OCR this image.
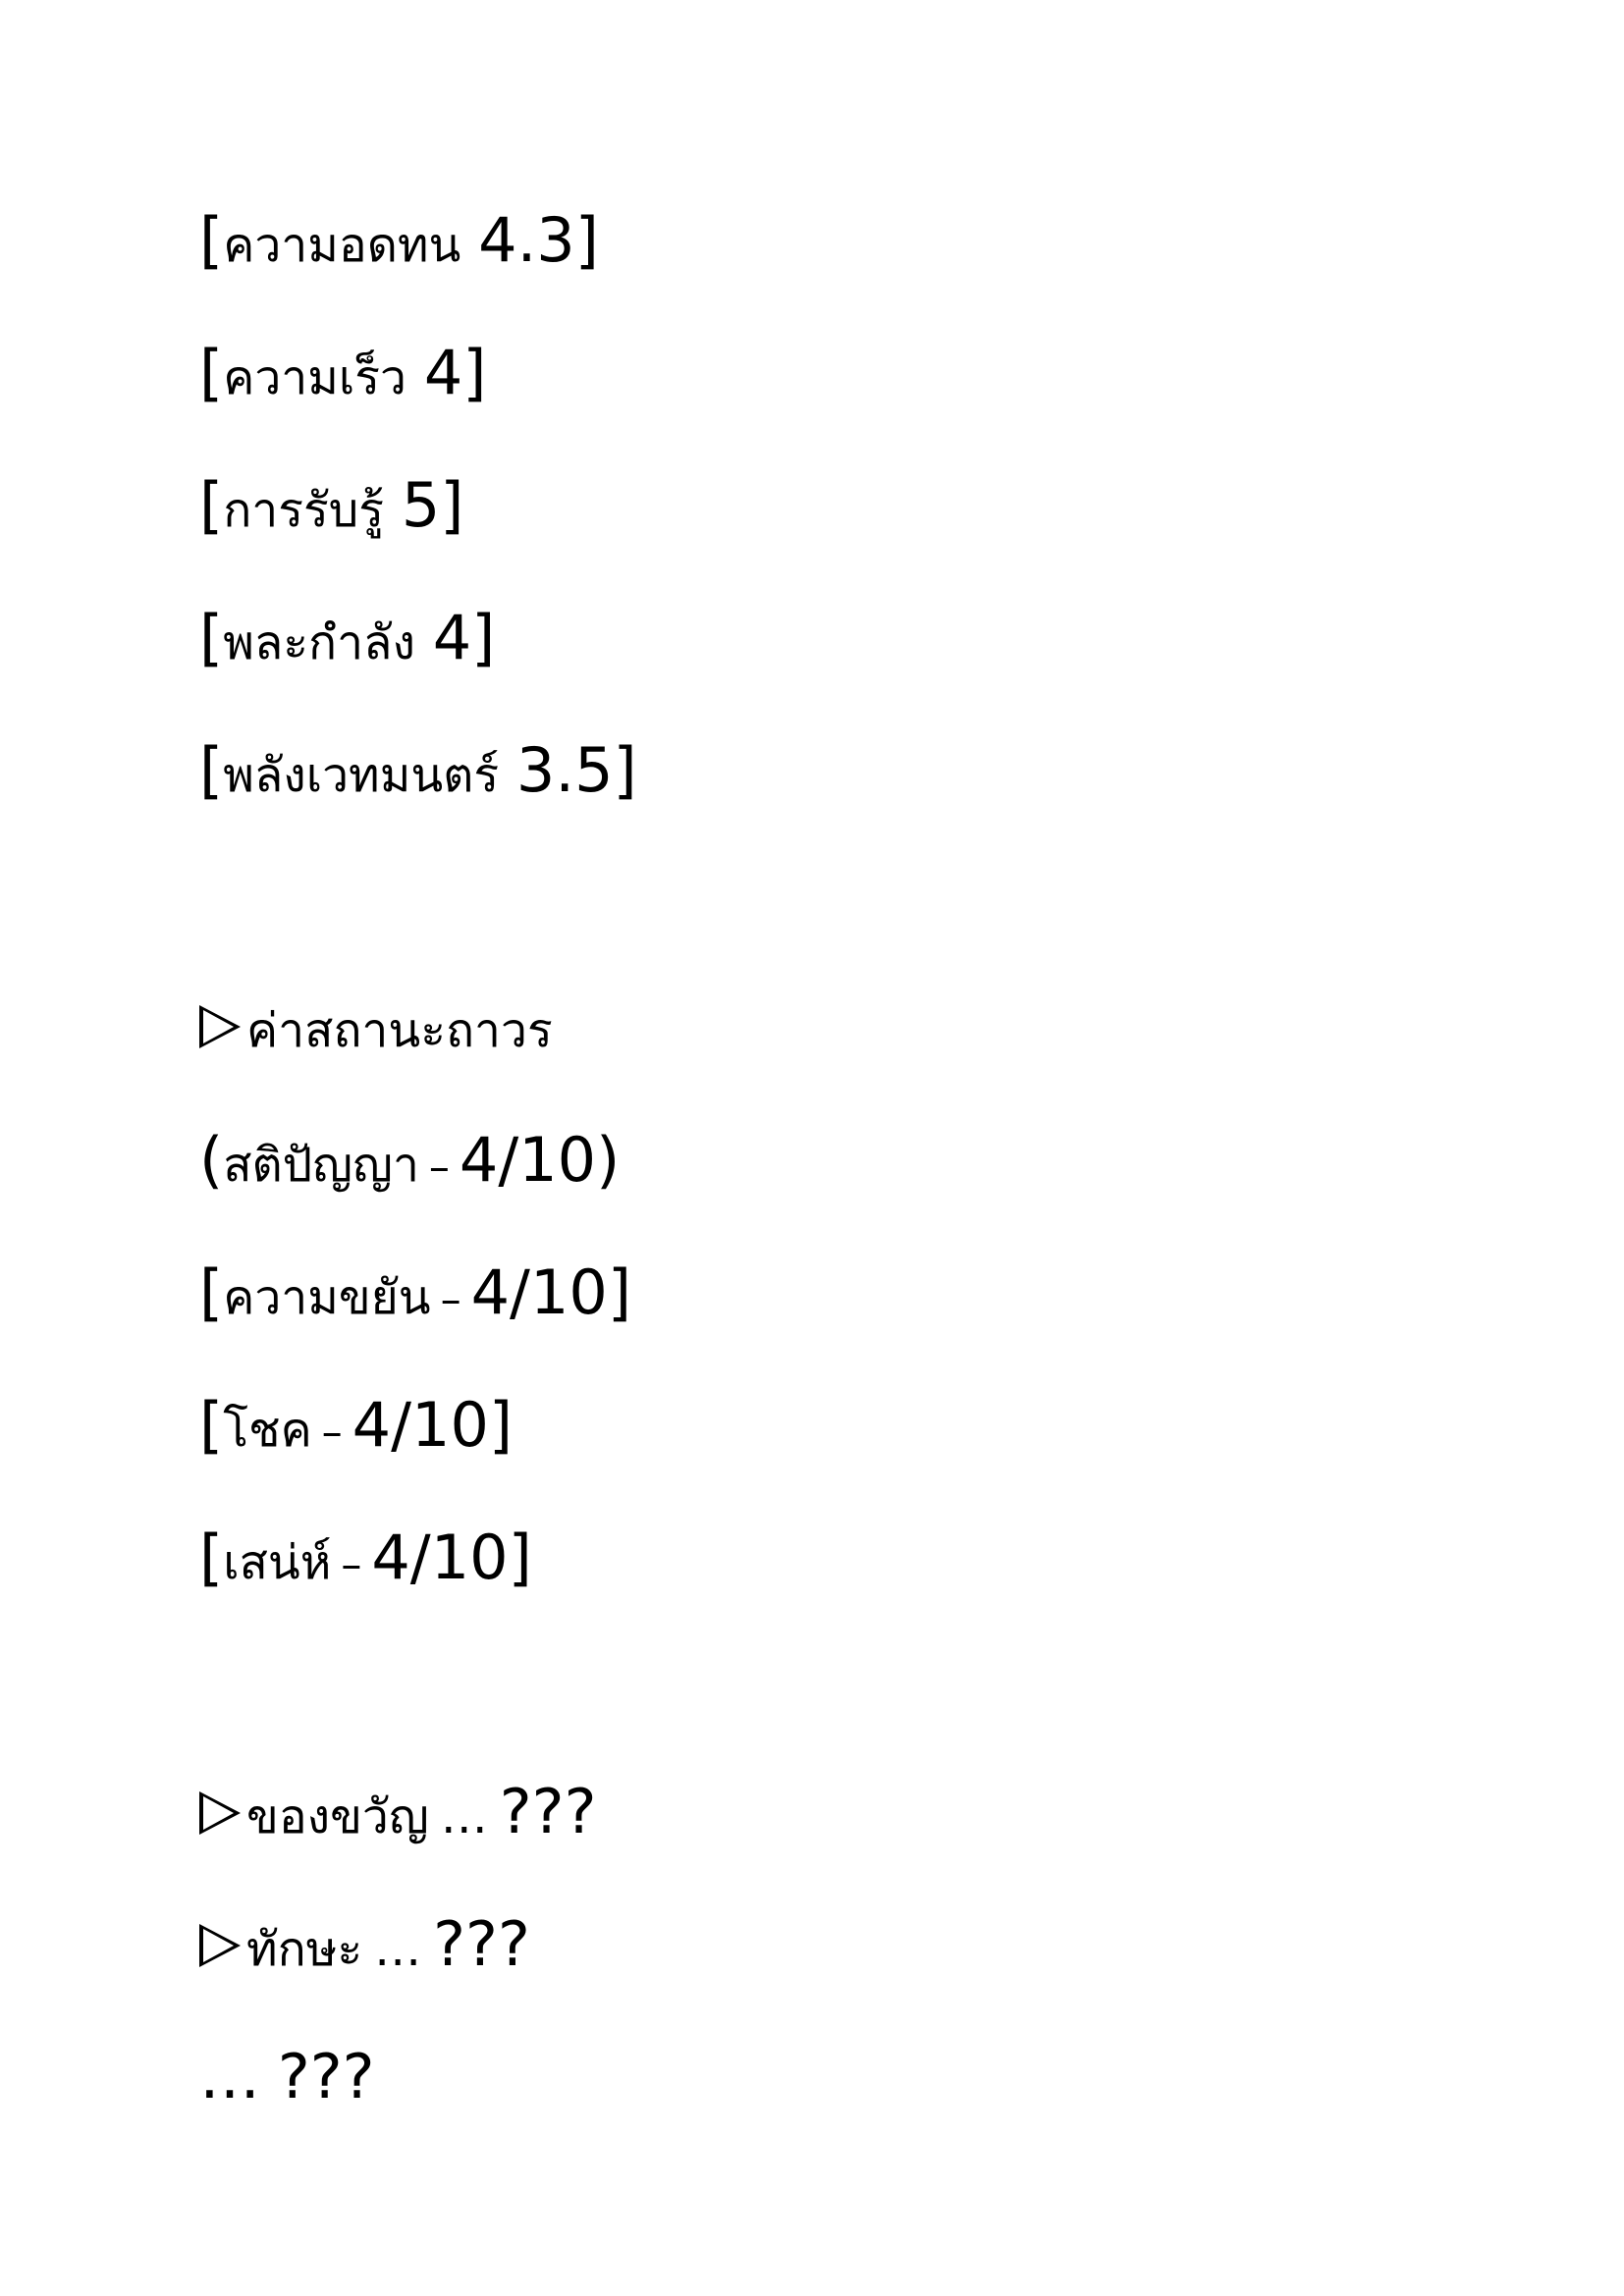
[ความอดทน 4.3]

[ความเร็ว 4]

[การรับรู้ 5]

[พละกำลัง 4]

[พลังเวทมนตร์ 3.5]

ค่าสถานะถาวร

(สติปัญญา – 4/10)

[ความขยัน – 4/10]

[โชค – 4/10]

[เสน่ห์ – 4/10]

ของขวัญ … ???

ทักษะ … ???

… ???
